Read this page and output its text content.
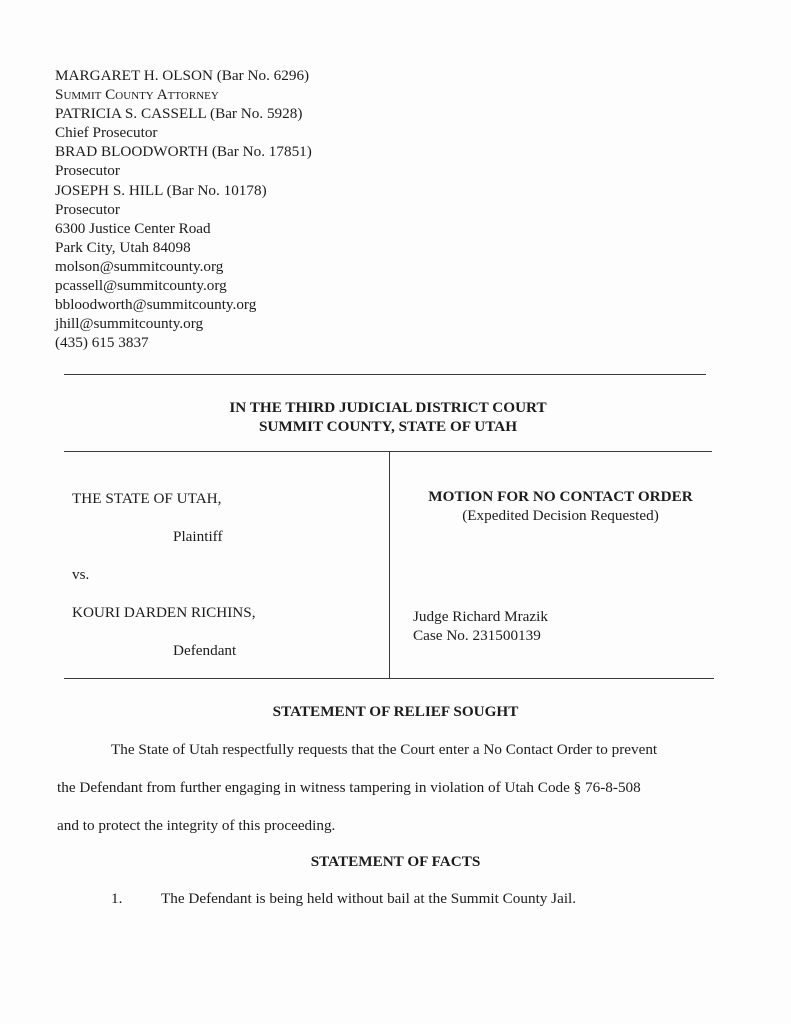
MARGARET H. OLSON (Bar No. 6296)
Summit County Attorney
PATRICIA S. CASSELL (Bar No. 5928)
Chief Prosecutor
BRAD BLOODWORTH (Bar No. 17851)
Prosecutor
JOSEPH S. HILL (Bar No. 10178)
Prosecutor
6300 Justice Center Road
Park City, Utah 84098
molson@summitcounty.org
pcassell@summitcounty.org
bbloodworth@summitcounty.org
jhill@summitcounty.org
(435) 615 3837
IN THE THIRD JUDICIAL DISTRICT COURT
SUMMIT COUNTY, STATE OF UTAH
THE STATE OF UTAH,
Plaintiff
vs.
KOURI DARDEN RICHINS,
Defendant
MOTION FOR NO CONTACT ORDER
(Expedited Decision Requested)
Judge Richard Mrazik
Case No. 231500139
STATEMENT OF RELIEF SOUGHT
The State of Utah respectfully requests that the Court enter a No Contact Order to prevent
the Defendant from further engaging in witness tampering in violation of Utah Code § 76-8-508
and to protect the integrity of this proceeding.
STATEMENT OF FACTS
1.	The Defendant is being held without bail at the Summit County Jail.
